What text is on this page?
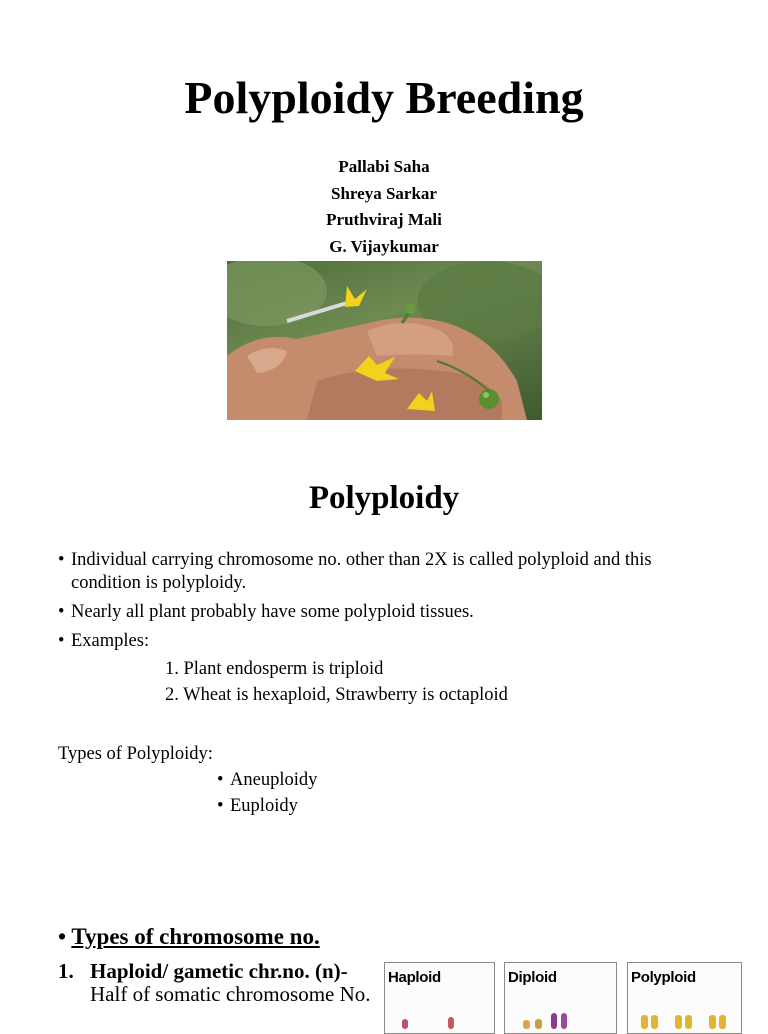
Polyploidy Breeding
Pallabi Saha
Shreya Sarkar
Pruthviraj Mali
G. Vijaykumar
Polyploidy
• Individual carrying chromosome no. other than 2X is called polyploid and this condition is polyploidy.
• Nearly all plant probably have some polyploid tissues.
• Examples:
1. Plant endosperm is triploid
2. Wheat is hexaploid, Strawberry is octaploid
Types of Polyploidy:
• Aneuploidy
• Euploidy
• Types of chromosome no.
1. Haploid/ gametic chr.no. (n)-
Half of somatic chromosome No.
Haploid	Diploid	Polyploid
